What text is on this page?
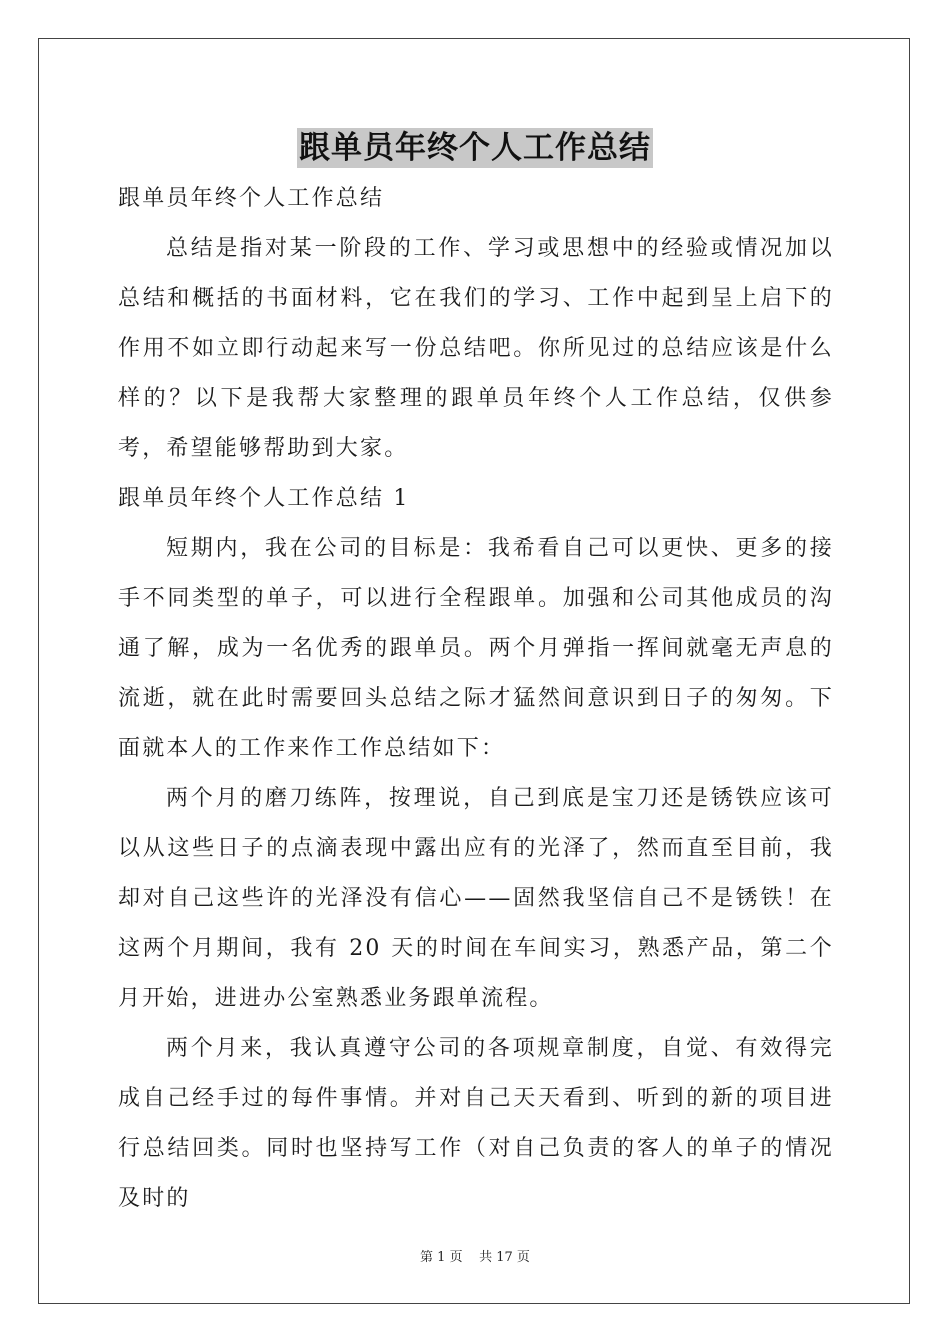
跟单员年终个人工作总结

跟单员年终个人工作总结

总结是指对某一阶段的工作、学习或思想中的经验或情况加以总结和概括的书面材料，它在我们的学习、工作中起到呈上启下的作用不如立即行动起来写一份总结吧。你所见过的总结应该是什么样的？以下是我帮大家整理的跟单员年终个人工作总结，仅供参考，希望能够帮助到大家。

跟单员年终个人工作总结 1

短期内，我在公司的目标是：我希看自己可以更快、更多的接手不同类型的单子，可以进行全程跟单。加强和公司其他成员的沟通了解，成为一名优秀的跟单员。两个月弹指一挥间就毫无声息的流逝，就在此时需要回头总结之际才猛然间意识到日子的匆匆。下面就本人的工作来作工作总结如下：

两个月的磨刀练阵，按理说，自己到底是宝刀还是锈铁应该可以从这些日子的点滴表现中露出应有的光泽了，然而直至目前，我却对自己这些许的光泽没有信心——固然我坚信自己不是锈铁！在这两个月期间，我有 20 天的时间在车间实习，熟悉产品，第二个月开始，进进办公室熟悉业务跟单流程。

两个月来，我认真遵守公司的各项规章制度，自觉、有效得完成自己经手过的每件事情。并对自己天天看到、听到的新的项目进行总结回类。同时也坚持写工作（对自己负责的客人的单子的情况及时的

第 1 页 共 17 页
